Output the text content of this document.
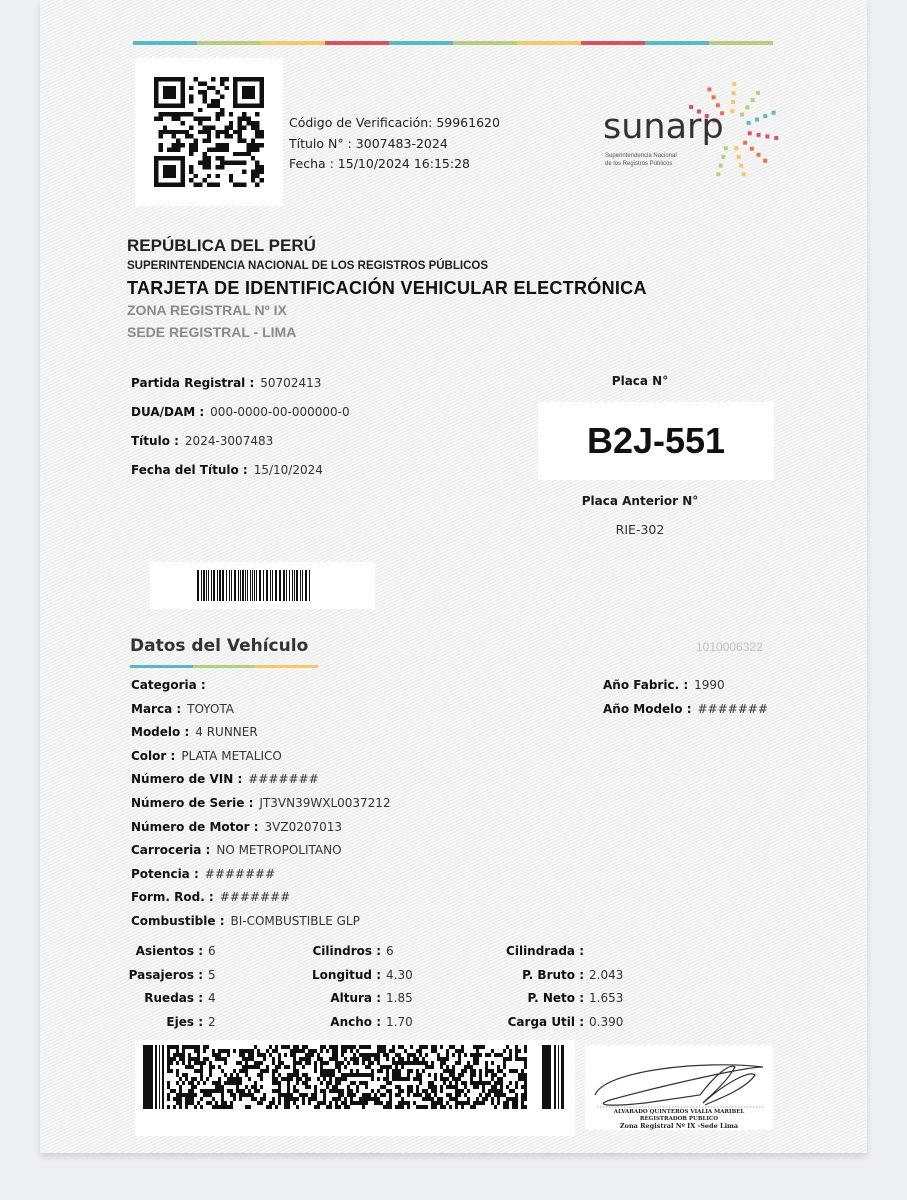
Código de Verificación: 59961620
Título N° : 3007483-2024
Fecha : 15/10/2024 16:15:28
sunarp
Superintendencia Nacional
de los Registros Públicos
REPÚBLICA DEL PERÚ
SUPERINTENDENCIA NACIONAL DE LOS REGISTROS PÚBLICOS
TARJETA DE IDENTIFICACIÓN VEHICULAR ELECTRÓNICA
ZONA REGISTRAL Nº IX
SEDE REGISTRAL - LIMA
Partida Registral : 50702413
DUA/DAM : 000-0000-00-000000-0
Título : 2024-3007483
Fecha del Título : 15/10/2024
Placa N°
B2J-551
Placa Anterior N°
RIE-302
Datos del Vehículo	1010006322
Categoria :
Marca : TOYOTA
Modelo : 4 RUNNER
Color : PLATA METALICO
Número de VIN : #######
Número de Serie : JT3VN39WXL0037212
Número de Motor : 3VZ0207013
Carroceria : NO METROPOLITANO
Potencia : #######
Form. Rod. : #######
Combustible : BI-COMBUSTIBLE GLP
Año Fabric. : 1990
Año Modelo : #######
Asientos : 6
Pasajeros : 5
Ruedas : 4
Ejes : 2
Cilindros : 6
Longitud : 4.30
Altura : 1.85
Ancho : 1.70
Cilindrada :
P. Bruto : 2.043
P. Neto : 1.653
Carga Util : 0.390
ALVARADO QUINTEROS VIALIA MARIBEL
REGISTRADOR PUBLICO
Zona Registral Nº IX -Sede Lima
